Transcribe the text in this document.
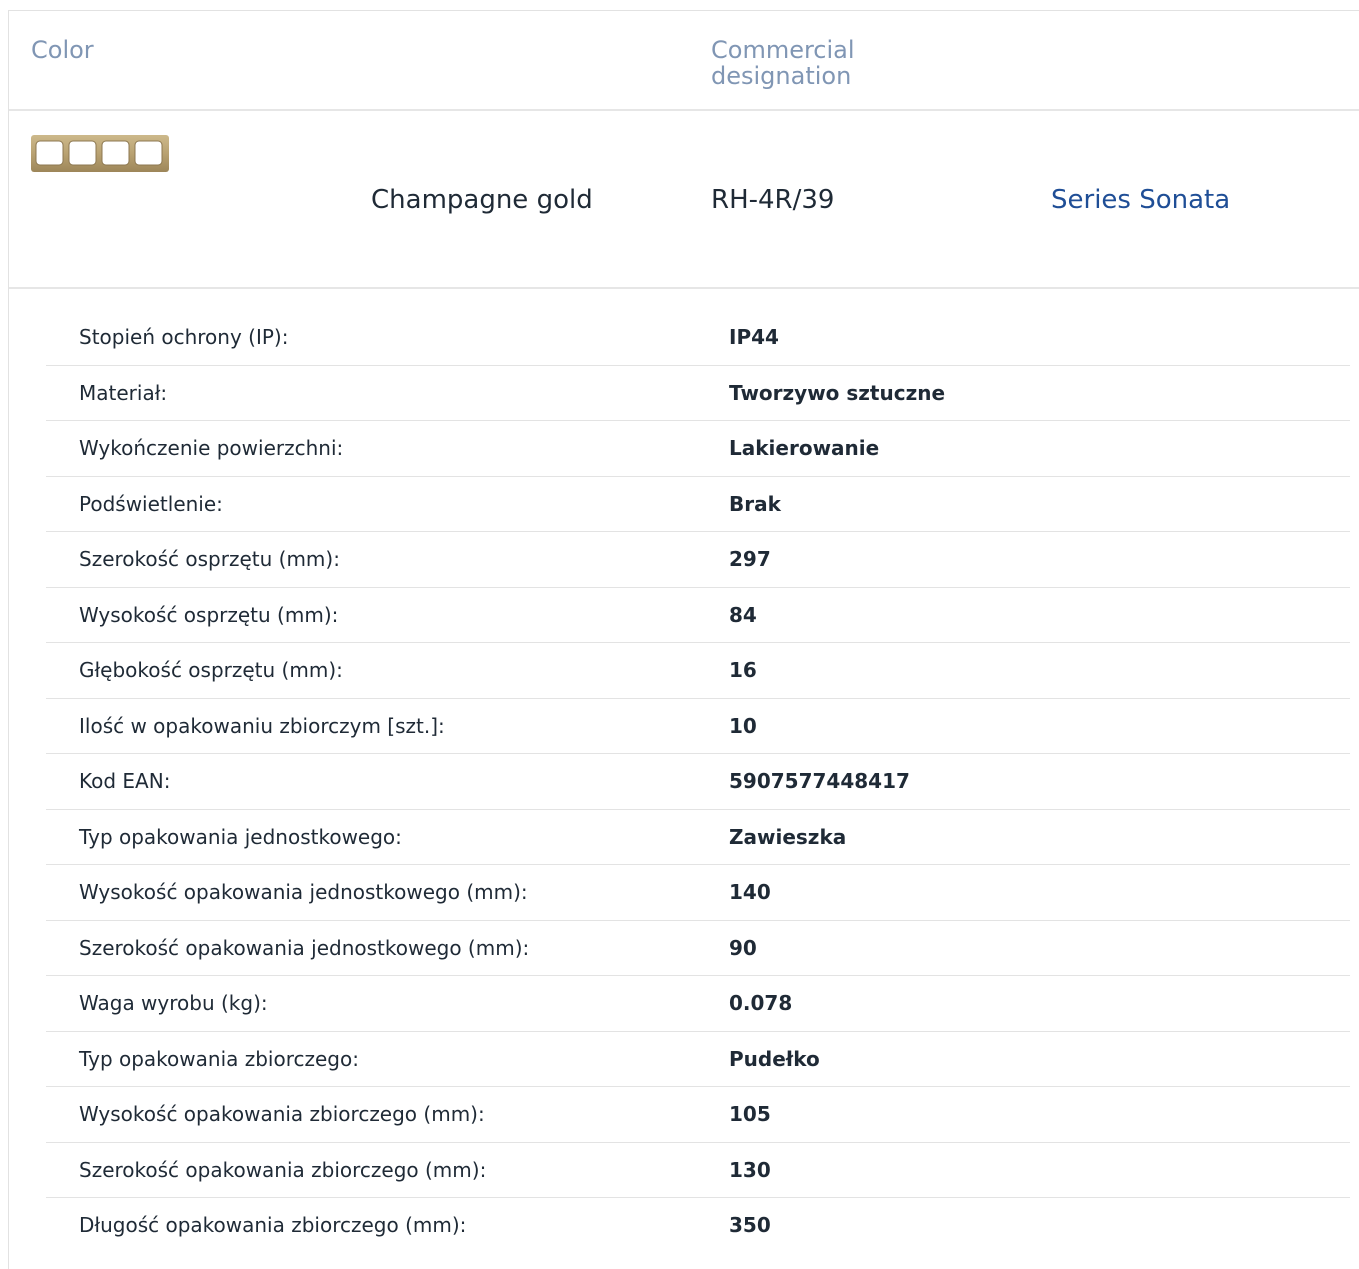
Color	Commercial designation
Champagne gold	RH-4R/39	Series Sonata
Stopień ochrony (IP):	IP44
Materiał:	Tworzywo sztuczne
Wykończenie powierzchni:	Lakierowanie
Podświetlenie:	Brak
Szerokość osprzętu (mm):	297
Wysokość osprzętu (mm):	84
Głębokość osprzętu (mm):	16
Ilość w opakowaniu zbiorczym [szt.]:	10
Kod EAN:	5907577448417
Typ opakowania jednostkowego:	Zawieszka
Wysokość opakowania jednostkowego (mm):	140
Szerokość opakowania jednostkowego (mm):	90
Waga wyrobu (kg):	0.078
Typ opakowania zbiorczego:	Pudełko
Wysokość opakowania zbiorczego (mm):	105
Szerokość opakowania zbiorczego (mm):	130
Długość opakowania zbiorczego (mm):	350
